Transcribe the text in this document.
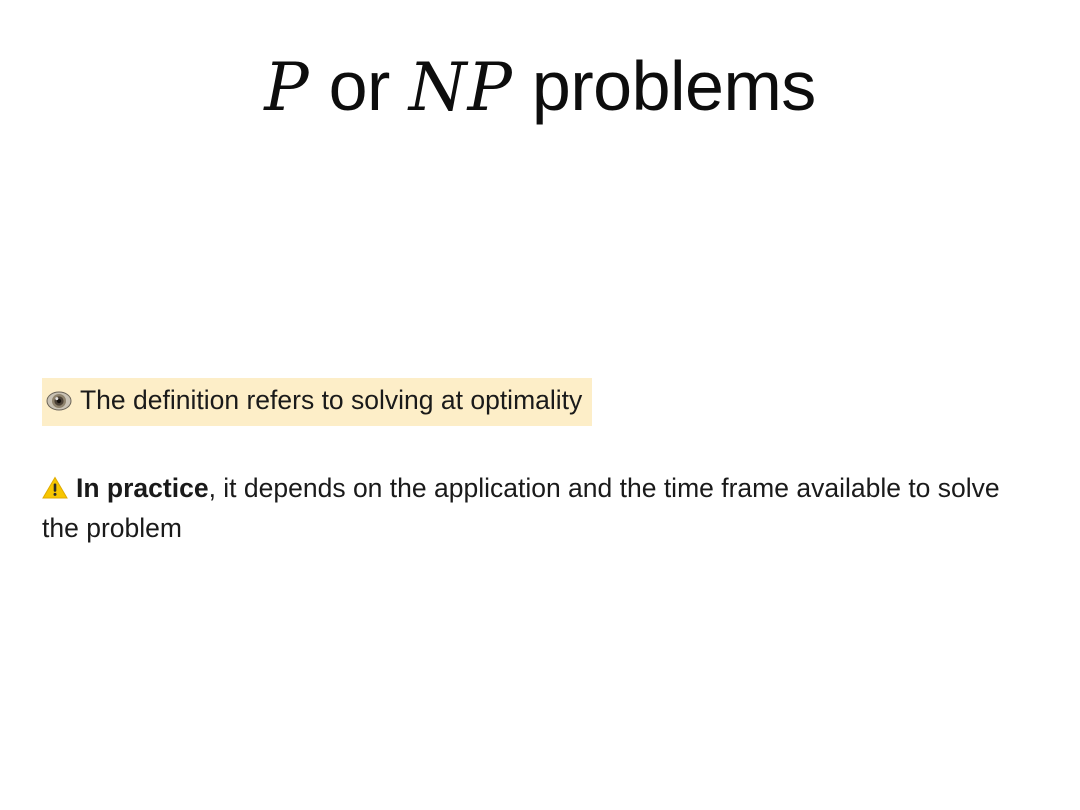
P or NP problems
The definition refers to solving at optimality
In practice, it depends on the application and the time frame available to solve the problem
